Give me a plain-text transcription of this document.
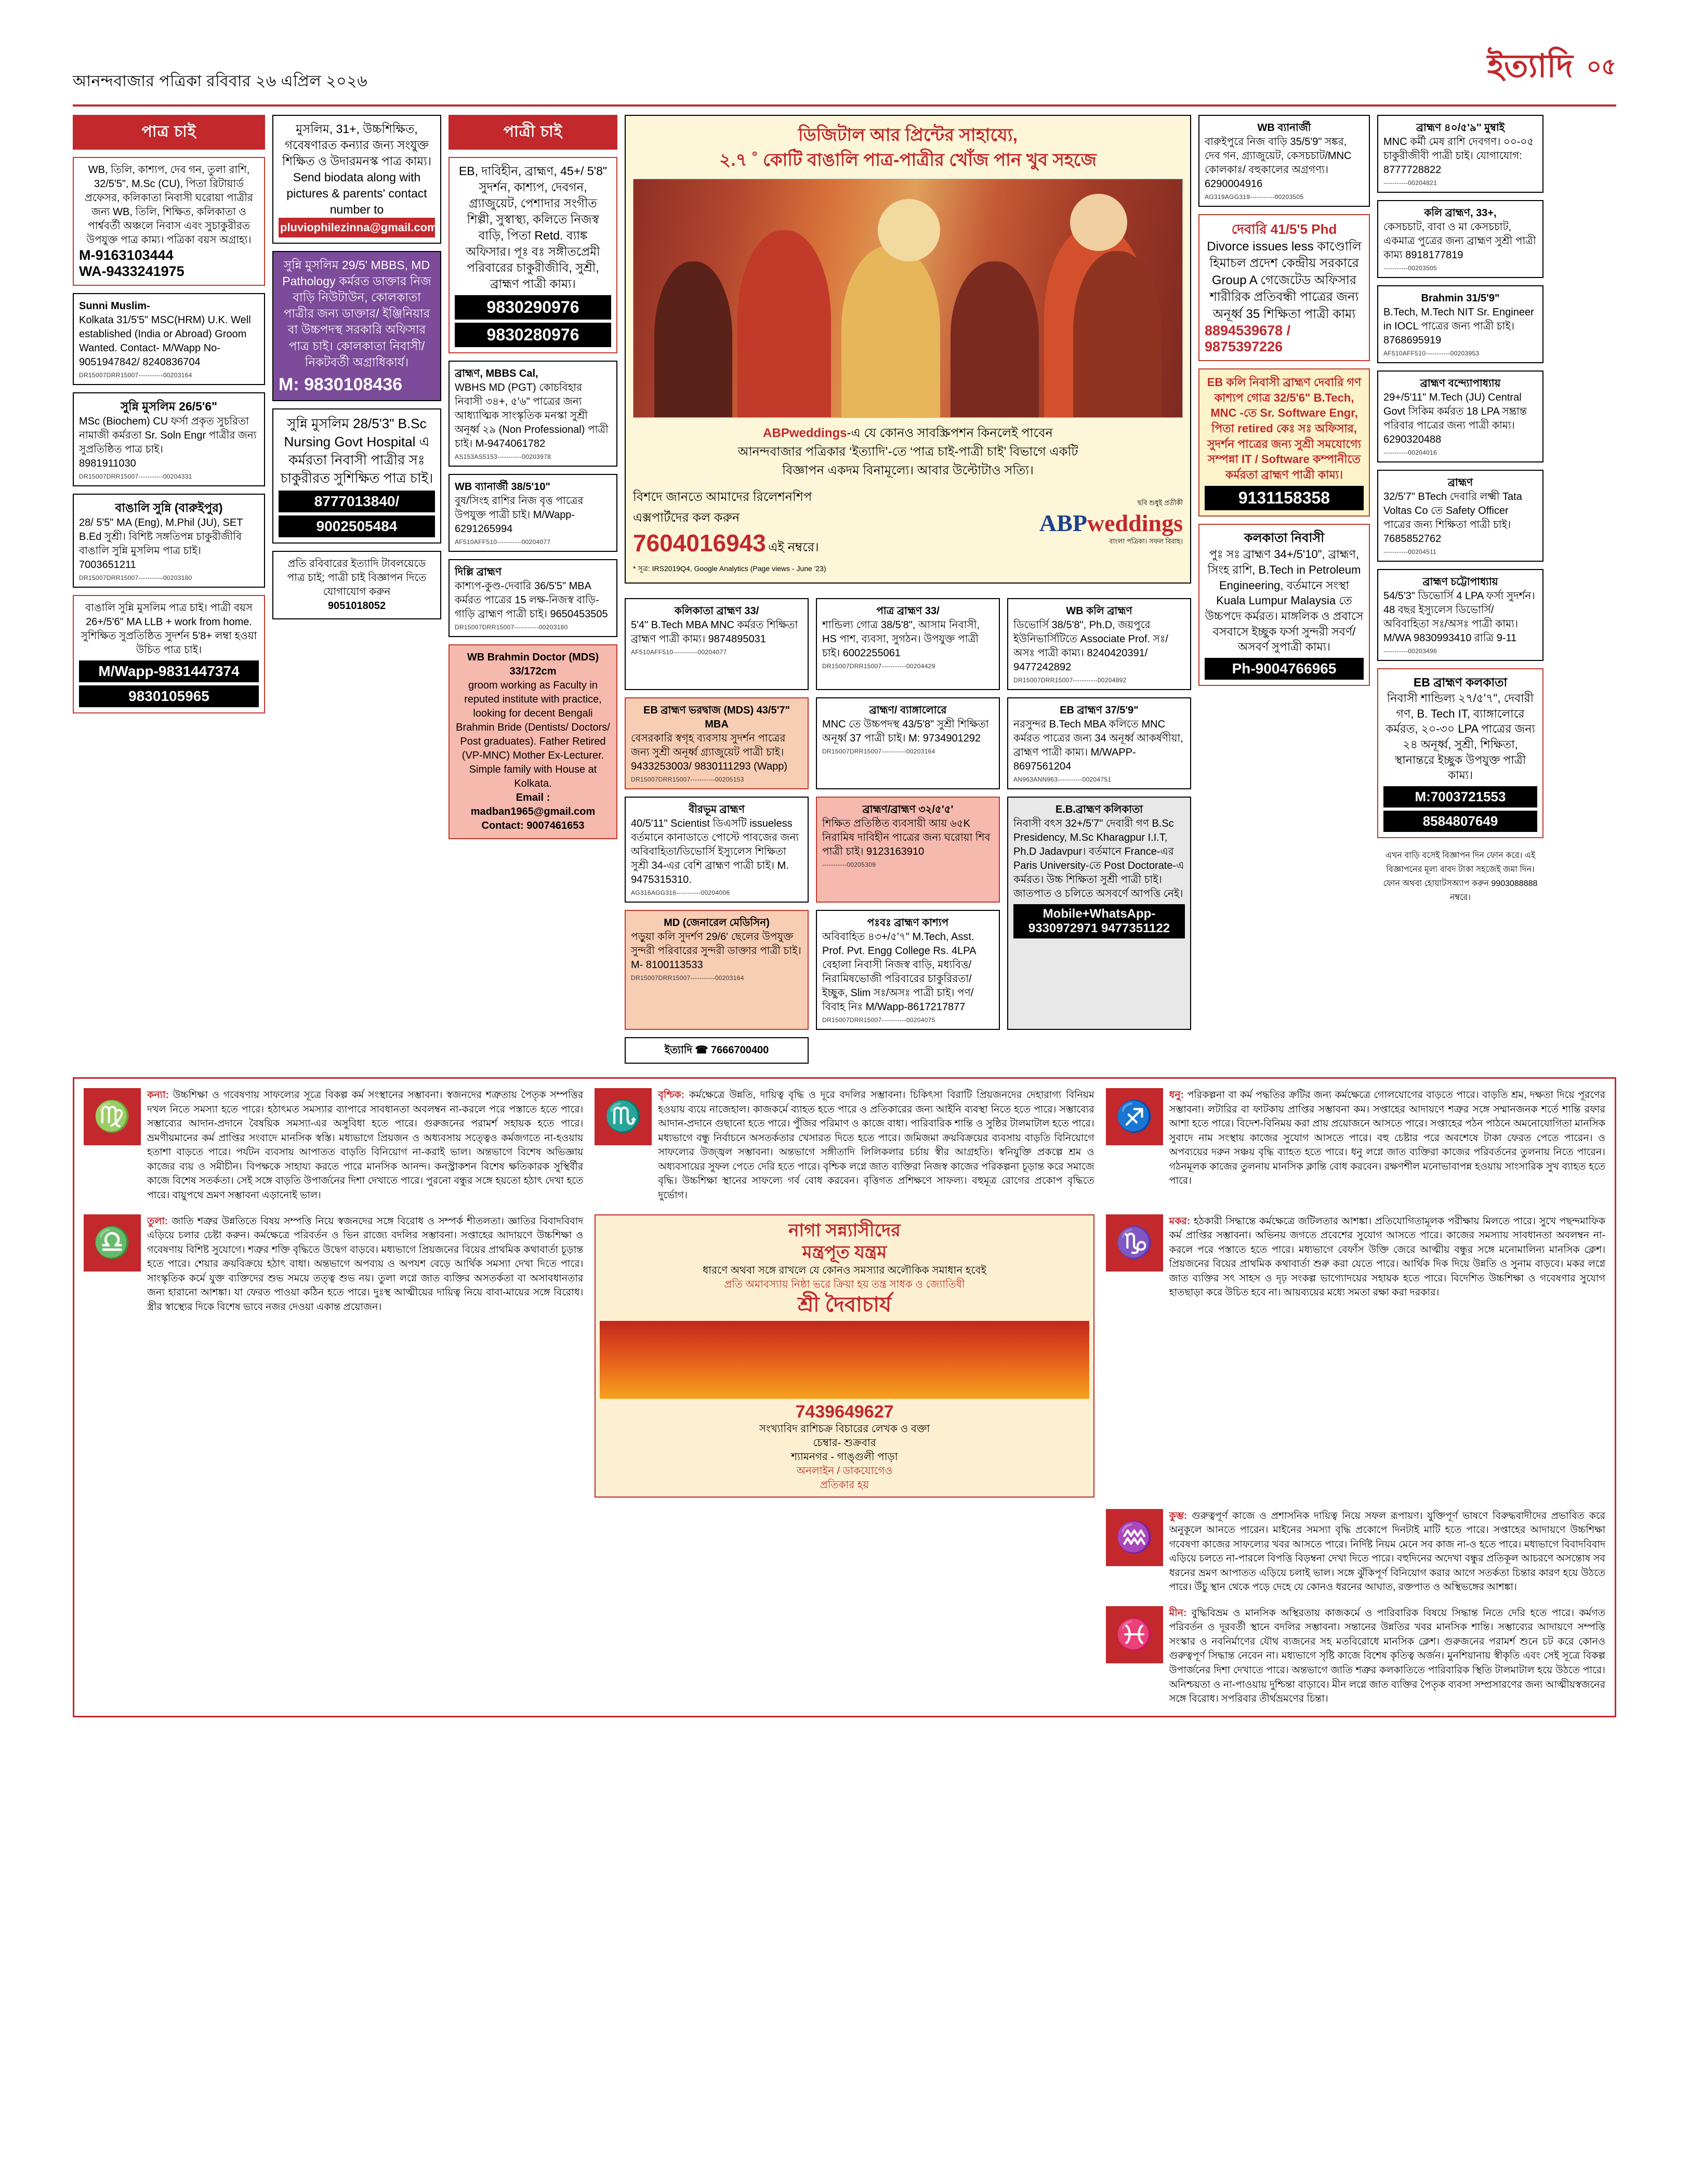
আনন্দবাজার পত্রিকা রবিবার ২৬ এপ্রিল ২০২৬	ইত্যাদি ০৫
পাত্র চাই
WB, তিলি, কাশ্যপ, দেব গন, তুলা রাশি, 32/5'5", M.Sc (CU), পিতা রিটায়ার্ড প্রফেসর, কলিকাতা নিবাসী ঘরোয়া পাত্রীর জন্য WB, তিলি, শিক্ষিত, কলিকাতা ও পার্শ্ববর্তী অঞ্চলে নিবাস এবং সুচাকুরীরত উপযুক্ত পাত্র কাম্য। পত্রিকা বয়স অগ্রাহ্য।
M-9163103444
WA-9433241975
Sunni Muslim-
Kolkata 31/5'5" MSC(HRM) U.K. Well established (India or Abroad) Groom Wanted. Contact- M/Wapp No- 9051947842/ 8240836704
DR15007DRR15007-----------00203164
সুন্নি মুসলিম 26/5'6"
MSc (Biochem) CU ফর্সা প্রকৃত সুচরিতা নামাজী কর্মরতা Sr. Soln Engr পাত্রীর জন্য সুপ্রতিষ্ঠিত পাত্র চাই।
8981911030
DR15007DRR15007-----------00204331
বাঙালি সুন্নি (বারুইপুর)
28/ 5'5" MA (Eng), M.Phil (JU), SET B.Ed সুশ্রী। বিশিষ্ট সঙ্গতিপন্ন চাকুরীজীবি বাঙালি সুন্নি মুসলিম পাত্র চাই।
7003651211
DR15007DRR15007-----------00203180
বাঙালি সুন্নি মুসলিম পাত্র চাই। পাত্রী বয়স 26+/5'6" MA LLB + work from home. সুশিক্ষিত সুপ্রতিষ্ঠিত সুদর্শন 5'8+ লম্বা হওয়া উচিত পাত্র চাই।
M/Wapp-9831447374
9830105965
মুসলিম, 31+, উচ্চশিক্ষিত, গবেষণারত কন্যার জন্য সংযুক্ত শিক্ষিত ও উদারমনস্ক পাত্র কাম্য। Send biodata along with pictures & parents' contact number to
pluviophilezinna@gmail.com
সুন্নি মুসলিম 29/5' MBBS, MD Pathology কর্মরত ডাক্তার নিজ বাড়ি নিউটাউন, কোলকাতা পাত্রীর জন্য ডাক্তার/ ইঞ্জিনিয়ার বা উচ্চপদস্থ সরকারি অফিসার পাত্র চাই। কোলকাতা নিবাসী/ নিকটবর্তী অগ্রাধিকার্য।
M: 9830108436
সুন্নি মুসলিম 28/5'3" B.Sc Nursing Govt Hospital এ কর্মরতা নিবাসী পাত্রীর সঃ চাকুরীরত সুশিক্ষিত পাত্র চাই।
8777013840/
9002505484
প্রতি রবিবারের ইত্যাদি টাবলয়েডে পাত্র চাই; পাত্রী চাই বিজ্ঞাপন দিতে যোগাযোগ করুন
9051018052
পাত্রী চাই
EB, দাবিহীন, ব্রাহ্মণ, 45+/ 5'8" সুদর্শন, কাশ্যপ, দেবগন, গ্র্যাজুয়েট, পেশাদার সংগীত শিল্পী, সুস্বাস্থ্য, কলিতে নিজস্ব বাড়ি, পিতা Retd. ব্যাঙ্ক অফিসার। পূঃ বঃ সঙ্গীতপ্রেমী পরিবারের চাকুরীজীবি, সুশ্রী, ব্রাহ্মণ পাত্রী কাম্য।
9830290976
9830280976
ব্রাহ্মণ, MBBS Cal,
WBHS MD (PGT) কোচবিহার নিবাসী ৩৪+, ৫'৬" পাত্রের জন্য আধ্যাত্মিক সাংস্কৃতিক মনস্কা সুশ্রী অনূর্ধ্ব ২৯ (Non Professional) পাত্রী চাই। M-9474061782
AS153AS5153-----------00203978
WB ব্যানার্জী 38/5'10"
বুষ/সিংহ রাশির নিজ বৃত্ত পাত্রের উপযুক্ত পাত্রী চাই। M/Wapp- 6291265994
AF510AFF510-----------00204077
দিল্লি ব্রাহ্মণ
কাশ্যপ-কুণ্ড-দেবারি 36/5'5" MBA কর্মরত পাত্রের 15 লক্ষ-নিজস্ব বাড়ি-গাড়ি ব্রাহ্মণ পাত্রী চাই। 9650453505
DR15007DRR15007-----------00203180
WB Brahmin Doctor (MDS) 33/172cm
groom working as Faculty in reputed institute with practice, looking for decent Bengali Brahmin Bride (Dentists/ Doctors/ Post graduates). Father Retired (VP-MNC) Mother Ex-Lecturer. Simple family with House at Kolkata.
Email : madban1965@gmail.com
Contact: 9007461653
ডিজিটাল আর প্রিন্টের সাহায্যে,
২.৭ ˚ কোটি বাঙালি পাত্র-পাত্রীর খোঁজ পান খুব সহজে
ABPweddings-এ যে কোনও সাবস্ক্রিপশন কিনলেই পাবেন
আনন্দবাজার পত্রিকার ‘ইত্যাদি’-তে ‘পাত্র চাই-পাত্রী চাই’ বিভাগে একটি
বিজ্ঞাপন একদম বিনামূল্যে। আবার উল্টোটাও সত্যি।
বিশদে জানতে আমাদের রিলেশনশিপ
এক্সপার্টদের কল করুন
7604016943 এই নম্বরে।
ছবি শুধুই প্রতীকী
ABPweddings
বাংলা পত্রিকা। সফল বিবাহ।
* সূত্র: IRS2019Q4, Google Analytics (Page views - June '23)
কলিকাতা ব্রাহ্মণ 33/
5'4" B.Tech MBA MNC কর্মরত শিক্ষিতা ব্রাহ্মণ পাত্রী কাম্য। 9874895031
AF510AFF510-----------00204077
পাত্র ব্রাহ্মণ 33/
শান্ডিল্য গোত্র 38/5'8", আসাম নিবাসী, HS পাশ, ব্যবসা, সুগঠন। উপযুক্ত পাত্রী চাই। 6002255061
DR15007DRR15007-----------00204429
WB কলি ব্রাহ্মণ
ডিভোর্সি 38/5'8", Ph.D, জয়পুরে ইউনিভার্সিটিতে Associate Prof. সঃ/অসঃ পাত্রী কাম্য। 8240420391/ 9477242892
DR15007DRR15007-----------00204892
EB ব্রাহ্মণ ভরদ্বাজ (MDS) 43/5'7" MBA
বেসরকারি স্বগৃহ ব্যবসায় সুদর্শন পাত্রের জন্য সুশ্রী অনূর্ধ্ব গ্র্যাজুয়েট পাত্রী চাই। 9433253003/ 9830111293 (Wapp)
DR15007DRR15007-----------00205153
ব্রাহ্মণ/ ব্যাঙ্গালোরে
MNC তে উচ্চপদস্থ 43/5'8" সুশ্রী শিক্ষিতা অনূর্ধ্ব 37 পাত্রী চাই। M: 9734901292
DR15007DRR15007-----------00203164
EB ব্রাহ্মণ 37/5'9"
নরসুন্দর B.Tech MBA কলিতে MNC কর্মরত পাত্রের জন্য 34 অনূর্ধ্ব আকর্ষণীয়া, ব্রাহ্মণ পাত্রী কাম্য। M/WAPP-8697561204
AN963ANN963-----------00204751
বীরভূম ব্রাহ্মণ
40/5'11" Scientist ডিএসটি issueless বর্তমানে কানাডাতে পোস্টে পাবজের জন্য অবিবাহিতা/ডিভোর্সি ইস্যুলেস শিক্ষিতা সুশ্রী 34-এর বেশি ব্রাহ্মণ পাত্রী চাই। M. 9475315310.
AG316AGG316-----------00204006
ব্রাহ্মণ/ব্রাহ্মণ ৩২/৫'৫'
শিক্ষিত প্রতিষ্ঠিত ব্যবসায়ী আয় ৬৫K নিরামিষ দাবিহীন পাত্রের জন্য ঘরোয়া শিব পাত্রী চাই। 9123163910
-----------00205309
E.B.ব্রাহ্মণ কলিকাতা
নিবাসী বৎস 32+/5'7" দেবারী গণ B.Sc Presidency, M.Sc Kharagpur I.I.T, Ph.D Jadavpur। বর্তমানে France-এর Paris University-তে Post Doctorate-এ কর্মরত। উচ্চ শিক্ষিতা সুশ্রী পাত্রী চাই। জাতপাত ও চলিতে অসবর্ণে আপত্তি নেই।
Mobile+WhatsApp-9330972971 9477351122
MD (জেনারেল মেডিসিন)
পড়ুয়া কলি সুদর্শণ 29/6' ছেলের উপযুক্ত সুন্দরী পরিবারের সুন্দরী ডাক্তার পাত্রী চাই। M- 8100113533
DR15007DRR15007-----------00203164
পঃবঃ ব্রাহ্মণ কাশ্যপ
অবিবাহিত ৪৩+/৫'৭" M.Tech, Asst. Prof. Pvt. Engg College Rs. 4LPA বেহালা নিবাসী নিজস্ব বাড়ি, মধ্যবিত্ত/ নিরামিষভোজী পরিবারের চাকুরিরতা/ ইচ্ছুক, Slim সঃ/অসঃ পাত্রী চাই। পণ/ বিবাহ নিঃ M/Wapp-8617217877
DR15007DRR15007-----------00204075
ইত্যাদি ☎ 7666700400
WB ব্যানার্জী
বারুইপুরে নিজ বাড়ি 35/5'9" সঙ্কর, দেব গন, গ্র্যাজুয়েট, কেসচচাট/MNC কোলকাঃ/ বহুকালের অগ্রগণ্য। 6290004916
AG319AGG319-----------00203505
দেবারি 41/5'5 Phd
Divorce issues less কাণ্ডোলি হিমাচল প্রদেশ কেন্দ্রীয় সরকারে Group A গেজেটেড অফিসার শারীরিক প্রতিবন্ধী পাত্রের জন্য অনূর্ধ্ব 35 শিক্ষিতা পাত্রী কাম্য
8894539678 /
9875397226
EB কলি নিবাসী ব্রাহ্মণ দেবারি গণ কাশ্যপ গোত্র 32/5'6" B.Tech, MNC -তে Sr. Software Engr, পিতা retired কেঃ সঃ অফিসার, সুদর্শন পাত্রের জন্য সুশ্রী সমযোগ্যে সম্পন্না IT / Software কম্পানীতে কর্মরতা ব্রাহ্মণ পাত্রী কাম্য।
9131158358
কলকাতা নিবাসী
পুঃ সঃ ব্রাহ্মণ 34+/5'10", ব্রাহ্মণ, সিংহ রাশি, B.Tech in Petroleum Engineering, বর্তমানে সংস্থা Kuala Lumpur Malaysia তে উচ্চপদে কর্মরত। মাঙ্গলিক ও প্রবাসে বসবাসে ইচ্ছুক ফর্সা সুন্দরী সবর্ণ/ অসবর্ণ সুপাত্রী কাম্য।
Ph-9004766965
ব্রাহ্মণ ৪০/৫'৯'' মুম্বাই
MNC কর্মী মেষ রাশি দেবগণ। ০০-০৫ চাকুরীজীবী পাত্রী চাই। যোগাযোগ: 8777728822
-----------00204821
কলি ব্রাহ্মণ, 33+,
কেসচচাট, বাবা ও মা কেসচচাট, একমাত্র পুত্রের জন্য ব্রাহ্মণ সুশ্রী পাত্রী কাম্য 8918177819
-----------00203505
Brahmin 31/5'9"
B.Tech, M.Tech NIT Sr. Engineer in IOCL পাত্রের জন্য পাত্রী চাই। 8768695919
AF510AFF510-----------00203953
ব্রাহ্মণ বন্দ্যোপাধ্যায়
29+/5'11" M.Tech (JU) Central Govt সিকিম কর্মরত 18 LPA সম্ভ্রান্ত পরিবার পাত্রের জন্য পাত্রী কাম্য। 6290320488
-----------00204016
ব্রাহ্মণ
32/5'7" BTech দেবারি লক্ষ্মী Tata Voltas Co তে Safety Officer পাত্রের জন্য শিক্ষিতা পাত্রী চাই। 7685852762
-----------00204511
ব্রাহ্মণ চট্টোপাধ্যায়
54/5'3" ডিভোর্সি 4 LPA ফর্সা সুদর্শন। 48 বছর ইস্যুলেস ডিভোর্সি/ অবিবাহিতা সঃ/অসঃ পাত্রী কাম্য। M/WA 9830993410 রাত্রি 9-11
-----------00203496
EB ব্রাহ্মণ কলকাতা
নিবাসী শান্ডিল্য ২৭/৫'৭", দেবারী গণ, B. Tech IT, ব্যাঙ্গালোরে কর্মরত, ২০-৩০ LPA পাত্রের জন্য ২৪ অনূর্ধ্ব, সুশ্রী, শিক্ষিতা, স্থানান্তরে ইচ্ছুক উপযুক্ত পাত্রী কাম্য।
M:7003721553
8584807649
এখন বাড়ি বসেই বিজ্ঞাপন দিন ফোন করে। এই বিজ্ঞাপনের মূল্য বাবদ টাকা সহজেই জমা দিন। ফোন অথবা হোয়াটসঅ্যাপ করুন 9903088888 নম্বরে।
♍
কন্যা: উচ্চশিক্ষা ও গবেষণায় সাফল্যের সূত্রে বিকল্প কর্ম সংস্থানের সম্ভাবনা। স্বজনদের শত্রুতায় পৈতৃক সম্পত্তির দখল নিতে সমস্যা হতে পারে। হঠাৎমত সমস্যার ব্যাপারে সাবধানতা অবলম্বন না-করলে পরে পস্তাতে হতে পারে। সম্ভাব্যের আদান-প্রদানে বৈষয়িক সমস্যা-এর অসুবিধা হতে পারে। গুরুজনের পরামর্শ সহায়ক হতে পারে। ভ্রমণীয়মানের কর্ম প্রাপ্তির সংবাদে মানসিক স্বস্তি। মধ্যভাগে প্রিয়জন ও অধ্যবসায় সত্ত্বেও কর্মজগতে না-হওয়ায় হতাশা বাড়তে পারে। পর্যটন ব্যবসায় আপাতত বাড়তি বিনিয়োগ না-করাই ভাল। অন্তভাগে বিশেষ অভিজ্ঞায় কাজের ব্যয় ও সমীচীন। বিপক্ষকে সাহায্য করতে পারে মানসিক আনন্দ। কনস্ট্রাকশন বিশেষ ক্ষতিকারক সুস্থির্বীর কাজে বিশেষ সতর্কতা। সেই সঙ্গে বাড়তি উপার্জনের দিশা দেখাতে পারে। পুরনো বন্ধুর সঙ্গে হয়তো হঠাৎ দেখা হতে পারে। বায়ুপথে ভ্রমণ সম্ভাবনা এড়ানোই ভাল।
♏
বৃশ্চিক: কর্মক্ষেত্রে উন্নতি, দায়িত্ব বৃদ্ধি ও দূরে বদলির সম্ভাবনা। চিকিৎসা বিরাটি প্রিয়জনদের দেহারাগ্য বিনিয়ম হওয়ায় ব্যয়ে নাজেহাল। কাজকর্মে ব্যাহত হতে পারে ও প্রতিকারের জন্য আইনি ব্যবস্থা নিতে হতে পারে। সম্ভাব্যের আদান-প্রদানে গুছানো হতে পারে। পুঁজির পরিমাণ ও কাজে বাধা। পারিবারিক শান্তি ও সুষ্ঠির টালমাটাল হতে পারে। মধ্যভাগে বন্ধু নির্বাচনে অসতর্কতার খেসারত দিতে হতে পারে। জমিজমা ক্রয়বিক্রয়ের ব্যবসায় বাড়তি বিনিয়োগে সাফল্যের উজ্জ্বল সম্ভাবনা। অন্তভাগে সঙ্গীতাদি লিলিকলার চর্চায় স্বীর আগ্রহতি। স্বনিযুক্তি প্রকল্পে শ্রম ও অধ্যবসায়ের সুফল পেতে দেরি হতে পারে। বৃশ্চিক লগ্নে জাত ব্যক্তিরা নিজস্ব কাজের পরিকল্পনা চূড়ান্ত করে সমাজে বৃদ্ধি। উচ্চশিক্ষা স্থানের সাফল্যে গর্ব বোধ করবেন। বৃত্তিগত প্রশিক্ষণে সাফল্য। বহুমূত্র রোগের প্রকোপ বৃদ্ধিতে দুর্ভোগ।
♐
ধনু: পরিকল্পনা বা কর্ম পদ্ধতির ক্রটির জন্য কর্মক্ষেত্রে গোলযোগের বাড়তে পারে। বাড়তি শ্রম, দক্ষতা দিয়ে পূরণের সম্ভাবনা। লটারির বা ফাটকায় প্রাপ্তির সম্ভাবনা কম। সপ্তাহের আদায়ণে শত্রুর সঙ্গে সম্মানজনক শর্তে শান্তি রফার আশা হতে পারে। বিদেশ-বিনিময় করা প্রায় প্রয়োজনে আসতে পারে। সপ্তাহের পঠন পাঠনে অমনোযোগিতা মানসিক সুবাদে নাম সংস্থায় কাজের সুযোগ আসতে পারে। বহু চেষ্টার পরে অবশেষে টাকা ফেরত পেতে পারেন। ও অপব্যয়ের দরুন সঞ্চয় বৃদ্ধি ব্যাহত হতে পারে। ধনু লগ্নে জাত ব্যক্তিরা কাজের পরিবর্তনের তুলনায় নিতে পারেন। গঠনমূলক কাজের তুলনায় মানসিক ক্লান্তি বোধ করবেন। রক্ষণশীল মনোভাবাপন্ন হওয়ায় সাংসারিক সুখ ব্যাহত হতে পারে।
♎
তুলা: জাতি শত্রুর উন্নতিতে বিষয় সম্পত্তি নিয়ে স্বজনদের সঙ্গে বিরোধ ও সম্পর্ক শীতলতা। জ্ঞাতির বিবাদবিবাদ এড়িয়ে চলার চেষ্টা করুন। কর্মক্ষেত্রে পরিবর্তন ও ভিন রাজ্যে বদলির সম্ভাবনা। সপ্তাহের আদায়ণে উচ্চশিক্ষা ও গবেষণায় বিশিষ্ট সুযোগে। শত্রুর শক্তি বৃদ্ধিতে উদ্বেগ বাড়বে। মধ্যভাগে প্রিয়জনের বিয়ের প্রাথমিক কথাবার্তা চূড়ান্ত হতে পারে। শেয়ার ক্রয়বিক্রয়ে হঠাৎ বাধা। অন্তভাগে অপব্যয় ও অপযশ বেড়ে আর্থিক সমস্যা দেখা দিতে পারে। সাংস্কৃতিক কর্মে যুক্ত ব্যক্তিদের শুভ সময়ে তত্ত্ব শুভ নয়। তুলা লগ্নে জাত ব্যক্তির অসতর্কতা বা অসাবধানতার জন্য হারানো আশঙ্কা। যা ফেরত পাওয়া কঠিন হতে পারে। দুঃস্থ আত্মীয়ের দায়িত্ব নিয়ে বাবা-মায়ের সঙ্গে বিরোধ। স্ত্রীর স্বাস্থ্যের দিকে বিশেষ ভাবে নজর দেওয়া একান্ত প্রয়োজন।
নাগা সন্ন্যাসীদের
মন্ত্রপূত যন্ত্রম
ধারণে অথবা সঙ্গে রাখলে যে কোনও সমস্যার অলৌকিক সমাধান হবেই
প্রতি অমাবস্যায় নিষ্ঠা ভরে ক্রিয়া হয় তন্ত্র সাধক ও জ্যোতিষী
শ্রী দৈবাচার্য
7439649627
সংখ্যাবিদ রাশিচক্র বিচারের লেখক ও বক্তা
চেম্বার- শুক্রবার
শ্যামনগর - গাঙ্গুলী পাড়া
অনলাইন / ডাকযোগেও
প্রতিকার হয়
♑
মকর: হঠকারী সিদ্ধান্তে কর্মক্ষেত্রে জটিলতার আশঙ্কা। প্রতিযোগিতামূলক পরীক্ষায় মিলতে পারে। সুখে পছন্দমাফিক কর্ম প্রাপ্তির সম্ভাবনা। অভিনয় জগতে প্রবেশের সুযোগ আসতে পারে। কাজের সমস্যায় সাবধানতা অবলম্বন না-করলে পরে পস্তাতে হতে পারে। মধ্যভাগে বেফাঁস উক্তি জেরে আত্মীয় বন্ধুর সঙ্গে মনোমালিন্য মানসিক ক্লেশ। প্রিয়জনের বিয়ের প্রাথমিক কথাবার্তা শুরু করা যেতে পারে। আর্থিক দিক দিয়ে উন্নতি ও সুনাম বাড়বে। মকর লগ্নে জাত ব্যক্তির সৎ সাহস ও দৃঢ় সংকল্প ভাগ্যোদয়ের সহায়ক হতে পারে। বিদেশিত উচ্চশিক্ষা ও গবেষণার সুযোগ হাতছাড়া করে উচিত হবে না। আয়ব্যয়ের মধ্যে সমতা রক্ষা করা দরকার।
♒
কুম্ভ: গুরুত্বপূর্ণ কাজে ও প্রশাসনিক দায়িত্ব নিয়ে সফল রূপায়ণ। যুক্তিপূর্ণ ভাষণে বিরুদ্ধবাদীদের প্রভাবিত করে অনুকূলে আনতে পারেন। মাইনের সমস্যা বৃদ্ধি প্রকোপে দিনটাই মাটি হতে পারে। সপ্তাহের আদায়ণে উচ্চশিক্ষা গবেষণা কাজের সাফল্যের খবর আসতে পারে। নির্দিষ্ট নিয়ম মেনে সব কাজ না-ও হতে পারে। মধ্যভাগে বিবাদবিবাদ এড়িয়ে চলতে না-পারলে বিপত্তি বিড়ম্বনা দেখা দিতে পারে। বহুদিনের অদেখা বন্ধুর প্রতিকূল আচরণে অসন্তোষ সব ধরনের ভ্রমণ আপাতত এড়িয়ে চলাই ভাল। সঙ্গে ঝুঁকিপূর্ণ বিনিয়োগ করার আগে সতর্কতা চিন্তার কারণ হয়ে উঠতে পারে। উঁচু স্থান থেকে পড়ে দেহে যে কোনও ধরনের আঘাত, রক্তপাত ও অস্থিভঙ্গের আশঙ্কা।
♓
মীন: বুদ্ধিবিভ্রম ও মানসিক অস্থিরতায় কাজকর্মে ও পারিবারিক বিষয়ে সিদ্ধান্ত নিতে দেরি হতে পারে। কর্মগত পরিবর্তন ও দূরবর্তী স্থানে বদলির সম্ভাবনা। সন্তানের উন্নতির খবর মানসিক শান্তি। সম্ভাব্যের আদায়ণে সম্পত্তি সংস্কার ও নবনির্মাণের যৌথ ব্যজনের সহ মতবিরোধে মানসিক ক্লেশ। গুরুজনের পরামর্শ শুনে চট করে কোনও গুরুত্বপূর্ণ সিদ্ধান্ত নেবেন না। মধ্যভাগে সৃষ্টি কাজে বিশেষ কৃতিত্ব অর্জন। মুনশিয়ানায় স্বীকৃতি এবং সেই সূত্রে বিকল্প উপার্জনের দিশা দেখাতে পারে। অন্তভাগে জাতি শত্রুর কলকাতিতে পারিবারিক স্থিতি টালমাটাল হয়ে উঠতে পারে। অনিশ্চয়তা ও না-পাওয়ায় দুশ্চিন্তা বাড়াবে। মীন লগ্নে জাত ব্যক্তির পৈতৃক ব্যবসা সম্প্রসারণের জন্য আত্মীয়স্বজনের সঙ্গে বিরোধ। সপরিবার তীর্থভ্রমণের চিন্তা।
